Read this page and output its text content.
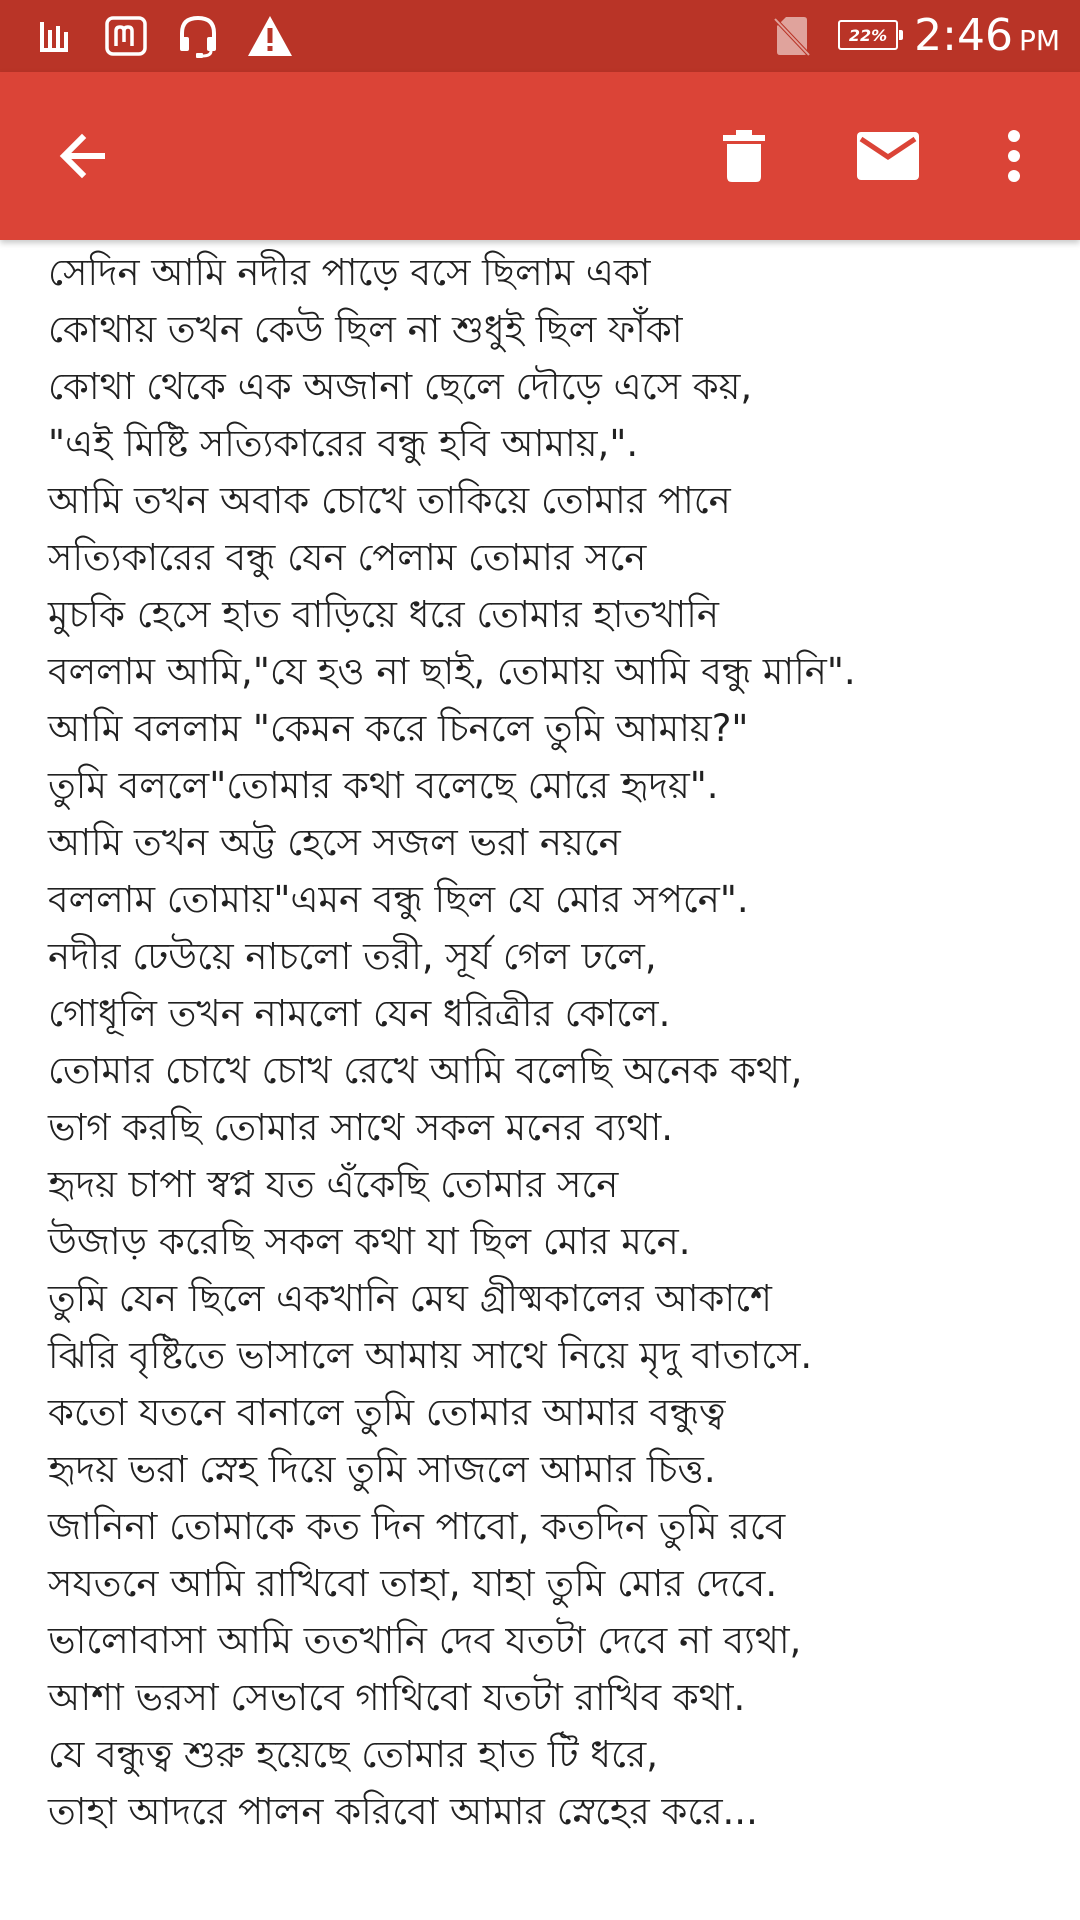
22% 2:46 PM
সেদিন আমি নদীর পাড়ে বসে ছিলাম একা
কোথায় তখন কেউ ছিল না শুধুই ছিল ফাঁকা
কোথা থেকে এক অজানা ছেলে দৌড়ে এসে কয়,
"এই মিষ্টি সত্যিকারের বন্ধু হবি আমায়,".
আমি তখন অবাক চোখে তাকিয়ে তোমার পানে
সত্যিকারের বন্ধু যেন পেলাম তোমার সনে
মুচকি হেসে হাত বাড়িয়ে ধরে তোমার হাতখানি
বললাম আমি,"যে হও না ছাই, তোমায় আমি বন্ধু মানি".
আমি বললাম "কেমন করে চিনলে তুমি আমায়?"
তুমি বললে"তোমার কথা বলেছে মোরে হৃদয়".
আমি তখন অট্ট হেসে সজল ভরা নয়নে
বললাম তোমায়"এমন বন্ধু ছিল যে মোর সপনে".
নদীর ঢেউয়ে নাচলো তরী, সূর্য গেল ঢলে,
গোধূলি তখন নামলো যেন ধরিত্রীর কোলে.
তোমার চোখে চোখ রেখে আমি বলেছি অনেক কথা,
ভাগ করছি তোমার সাথে সকল মনের ব্যথা.
হৃদয় চাপা স্বপ্ন যত এঁকেছি তোমার সনে
উজাড় করেছি সকল কথা যা ছিল মোর মনে.
তুমি যেন ছিলে একখানি মেঘ গ্রীষ্মকালের আকাশে
ঝিরি বৃষ্টিতে ভাসালে আমায় সাথে নিয়ে মৃদু বাতাসে.
কতো যতনে বানালে তুমি তোমার আমার বন্ধুত্ব
হৃদয় ভরা স্নেহ দিয়ে তুমি সাজলে আমার চিত্ত.
জানিনা তোমাকে কত দিন পাবো, কতদিন তুমি রবে
সযতনে আমি রাখিবো তাহা, যাহা তুমি মোর দেবে.
ভালোবাসা আমি ততখানি দেব যতটা দেবে না ব্যথা,
আশা ভরসা সেভাবে গাথিবো যতটা রাখিব কথা.
যে বন্ধুত্ব শুরু হয়েছে তোমার হাত টি ধরে,
তাহা আদরে পালন করিবো আমার স্নেহের করে...
